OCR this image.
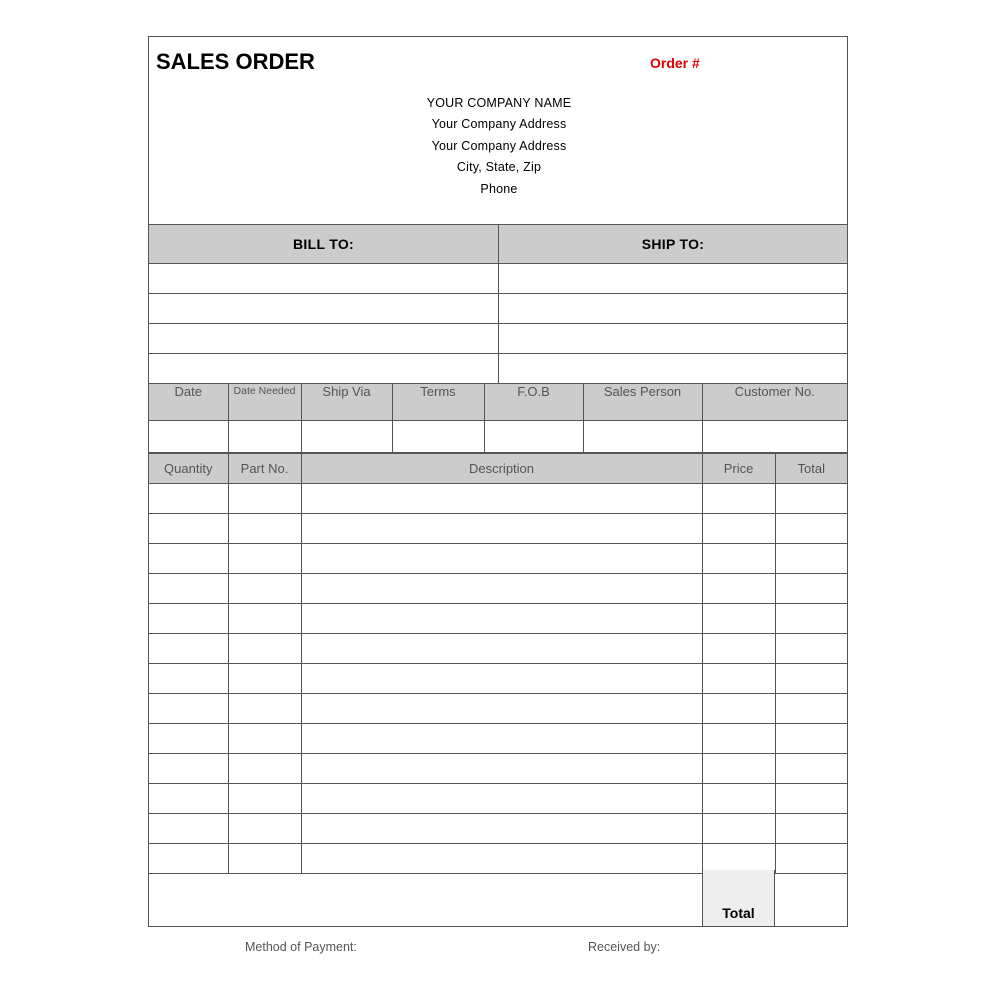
SALES ORDER	Order #
YOUR COMPANY NAME
Your Company Address
Your Company Address
City, State, Zip
Phone
BILL TO:	SHIP TO:
Date	Date Needed	Ship Via	Terms	F.O.B	Sales Person	Customer No.

Quantity	Part No.	Description	Price	Total

Total
Method of Payment:	Received by:
